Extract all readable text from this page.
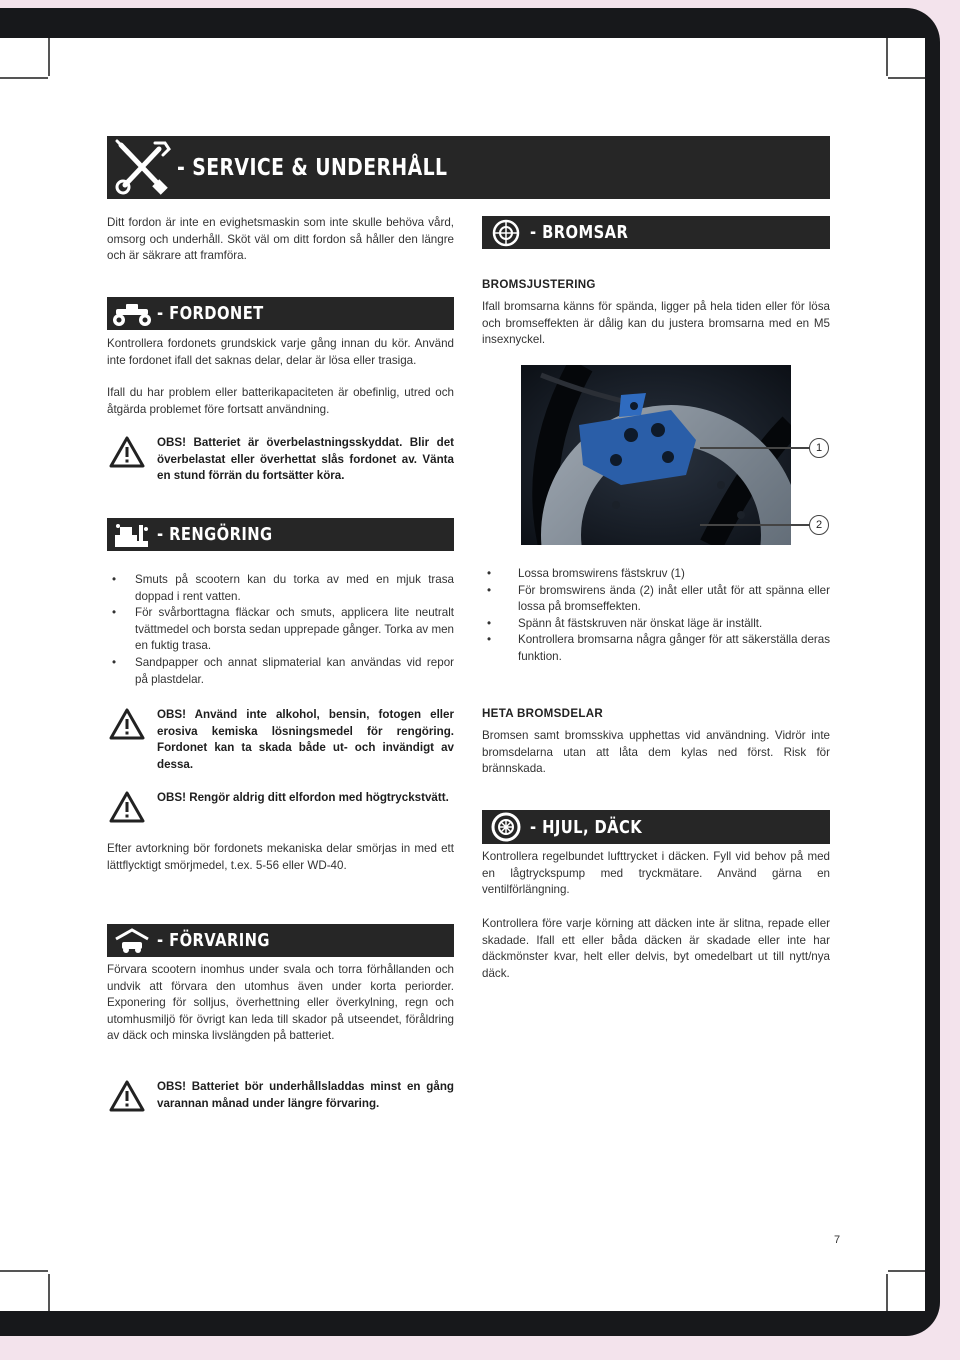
- SERVICE & UNDERHÅLL

Ditt fordon är inte en evighetsmaskin som inte skulle behöva vård, omsorg och underhåll. Sköt väl om ditt fordon så håller den längre och är säkrare att framföra.

- FORDONET

Kontrollera fordonets grundskick varje gång innan du kör. Använd inte fordonet ifall det saknas delar, delar är lösa eller trasiga.

Ifall du har problem eller batterikapaciteten är obefinlig, utred och åtgärda problemet före fortsatt användning.

OBS! Batteriet är överbelastningsskyddat. Blir det överbelastat eller överhettat slås fordonet av. Vänta en stund förrän du fortsätter köra.
- RENGÖRING
• Smuts på scootern kan du torka av med en mjuk trasa doppad i rent vatten.
• För svårborttagna fläckar och smuts, applicera lite neutralt tvättmedel och borsta sedan upprepade gånger. Torka av men en fuktig trasa.
• Sandpapper och annat slipmaterial kan användas vid repor på plastdelar.
OBS! Använd inte alkohol, bensin, fotogen eller erosiva kemiska lösningsmedel för rengöring. Fordonet kan ta skada både ut- och invändigt av dessa.
OBS! Rengör aldrig ditt elfordon med högtryckstvätt.

Efter avtorkning bör fordonets mekaniska delar smörjas in med ett lättflycktigt smörjmedel, t.ex. 5-56 eller WD-40.

- FÖRVARING

Förvara scootern inomhus under svala och torra förhållanden och undvik att förvara den utomhus även under korta periorder. Exponering för solljus, överhettning eller överkylning, regn och utomhusmiljö för övrigt kan leda till skador på utseendet, föråldring av däck och minska livslängden på batteriet.

OBS! Batteriet bör underhållsladdas minst en gång varannan månad under längre förvaring.
- BROMSAR
BROMSJUSTERING

Ifall bromsarna känns för spända, ligger på hela tiden eller för lösa och bromseffekten är dålig kan du justera bromsarna med en M5 insexnyckel.

1
2
• Lossa bromswirens fästskruv (1)
• För bromswirens ända (2) inåt eller utåt för att spänna eller lossa på bromseffekten.
• Spänn åt fästskruven när önskat läge är inställt.
• Kontrollera bromsarna några gånger för att säkerställa deras funktion.
HETA BROMSDELAR

Bromsen samt bromsskiva upphettas vid användning. Vidrör inte bromsdelarna utan att låta dem kylas ned först. Risk för brännskada.

- HJUL, DÄCK

Kontrollera regelbundet lufttrycket i däcken. Fyll vid behov på med en lågtryckspump med tryckmätare. Använd gärna en ventilförlängning.

Kontrollera före varje körning att däcken inte är slitna, repade eller skadade. Ifall ett eller båda däcken är skadade eller inte har däckmönster kvar, helt eller delvis, byt omedelbart ut till nytt/nya däck.

7
